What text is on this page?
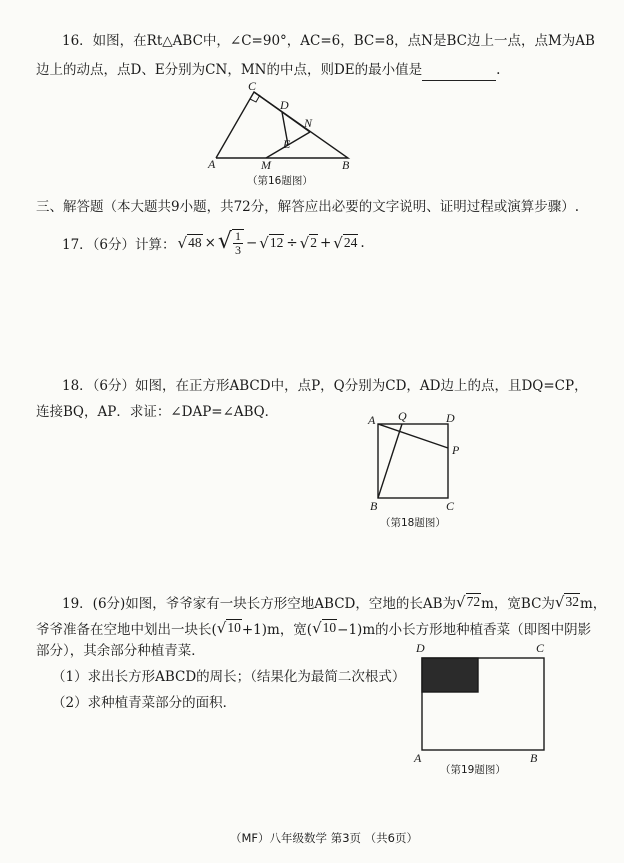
16．如图，在Rt△ABC中，∠C=90°，AC=6，BC=8，点N是BC边上一点，点M为AB
边上的动点，点D、E分别为CN，MN的中点，则DE的最小值是	.
C
D
N
E
A	M	B
（第16题图）
三、解答题（本大题共9小题，共72分，解答应出必要的文字说明、证明过程或演算步骤）.
17．（6分）计算： √ 48 × √ $\frac{1}{3}$ − √ 12 ÷ √ 2 + √ 24 .
18．（6分）如图，在正方形ABCD中，点P，Q分别为CD，AD边上的点，且DQ=CP，
连接BQ，AP．求证：∠DAP=∠ABQ．	A Q	D
P
B	C
（第18题图）
19．(6分)如图，爷爷家有一块长方形空地ABCD，空地的长AB为 √ 72 m，宽BC为 √ 32 m，
爷爷准备在空地中划出一块长( √ 10 +1)m，宽( √ 10 −1)m的小长方形地种植香菜（即图中阴影
部分），其余部分种植青菜．
（1）求出长方形ABCD的周长；（结果化为最简二次根式）
（2）求种植青菜部分的面积．
D	C
A	B
（第19题图）
（MF）八年级数学 第3页 （共6页）
